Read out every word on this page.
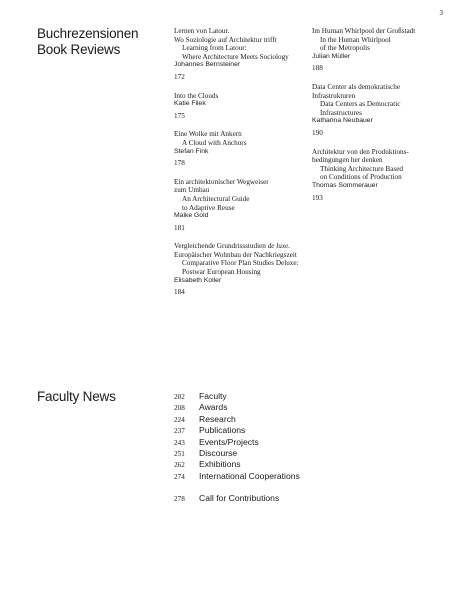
3
Buchrezensionen
Book Reviews
Lernen von Latour.
Wo Soziologie auf Architektur trifft
Learning from Latour:
Where Architecture Meets Sociology
Johannes Bernsteiner
172
Into the Clouds
Katie Filek
175
Eine Wolke mit Ankern
A Cloud with Anchors
Stefan Fink
178
Ein architektonischer Wegweiser
zum Umbau
An Architectural Guide
to Adaptive Reuse
Maike Gold
181
Vergleichende Grundrissstudien de luxe.
Europäischer Wohnbau der Nachkriegszeit
Comparative Floor Plan Studies Deluxe:
Postwar European Housing
Elisabeth Koller
184
Im Human Whirlpool der Großstadt
In the Human Whirlpool
of the Metropolis
Julian Müller
188
Data Center als demokratische
Infrastrukturen
Data Centers as Democratic
Infrastructures
Katharina Neubauer
190
Architektur von den Produktions-
bedingungen her denken
Thinking Architecture Based
on Conditions of Production
Thomas Sommerauer
193
Faculty News	202	Faculty
208	Awards
224	Research
237	Publications
243	Events/Projects
251	Discourse
262	Exhibitions
274	International Cooperations
278	Call for Contributions
